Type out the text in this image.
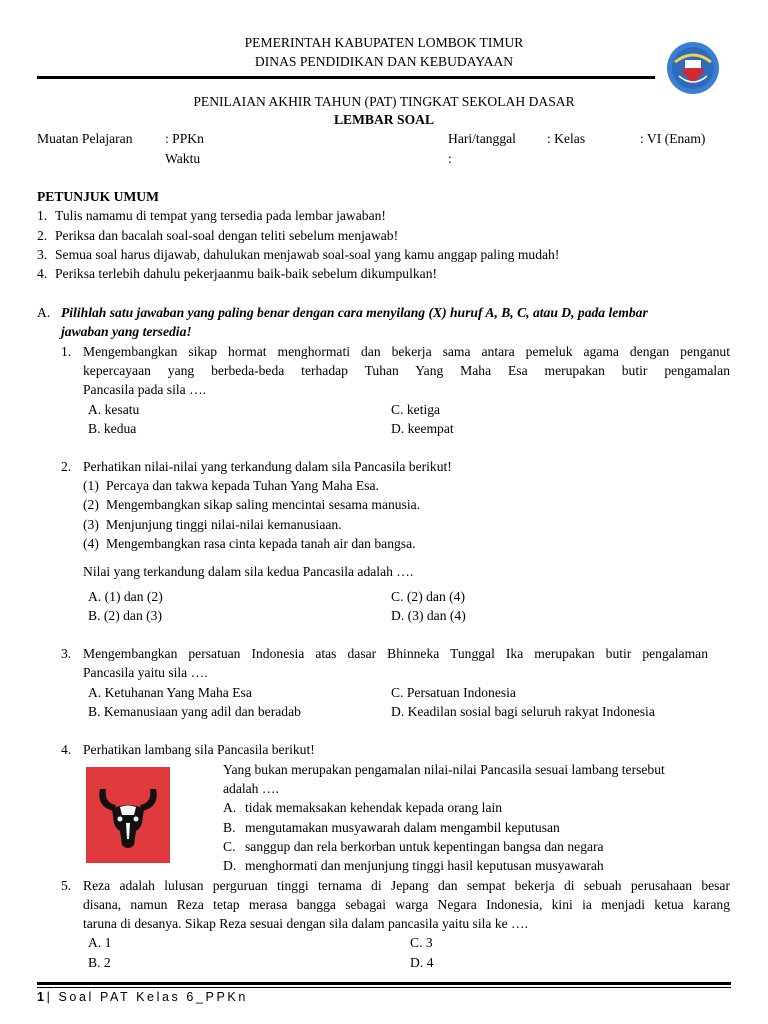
PEMERINTAH KABUPATEN LOMBOK TIMUR
DINAS PENDIDIKAN DAN KEBUDAYAAN
PENILAIAN AKHIR TAHUN (PAT) TINGKAT SEKOLAH DASAR
LEMBAR SOAL
Muatan Pelajaran : PPKn	Hari/tanggal : Kelas	: VI (Enam)
Waktu	:
PETUNJUK UMUM
1. Tulis namamu di tempat yang tersedia pada lembar jawaban!
2. Periksa dan bacalah soal-soal dengan teliti sebelum menjawab!
3. Semua soal harus dijawab, dahulukan menjawab soal-soal yang kamu anggap paling mudah!
4. Periksa terlebih dahulu pekerjaanmu baik-baik sebelum dikumpulkan!
A. Pilihlah satu jawaban yang paling benar dengan cara menyilang (X) huruf A, B, C, atau D, pada lembar
jawaban yang tersedia!
1. Mengembangkan sikap hormat menghormati dan bekerja sama antara pemeluk agama dengan penganut
kepercayaan yang berbeda-beda terhadap Tuhan Yang Maha Esa merupakan butir pengamalan
Pancasila pada sila ….
A. kesatu	C. ketiga
B. kedua	D. keempat
2. Perhatikan nilai-nilai yang terkandung dalam sila Pancasila berikut!
(1) Percaya dan takwa kepada Tuhan Yang Maha Esa.
(2) Mengembangkan sikap saling mencintai sesama manusia.
(3) Menjunjung tinggi nilai-nilai kemanusiaan.
(4) Mengembangkan rasa cinta kepada tanah air dan bangsa.
Nilai yang terkandung dalam sila kedua Pancasila adalah ….
A. (1) dan (2)	C. (2) dan (4)
B. (2) dan (3)	D. (3) dan (4)
3. Mengembangkan persatuan Indonesia atas dasar Bhinneka Tunggal Ika merupakan butir pengalaman
Pancasila yaitu sila ….
A. Ketuhanan Yang Maha Esa	C. Persatuan Indonesia
B. Kemanusiaan yang adil dan beradab	D. Keadilan sosial bagi seluruh rakyat Indonesia
4. Perhatikan lambang sila Pancasila berikut!
Yang bukan merupakan pengamalan nilai-nilai Pancasila sesuai lambang tersebut
adalah ….
A. tidak memaksakan kehendak kepada orang lain
B. mengutamakan musyawarah dalam mengambil keputusan
C. sanggup dan rela berkorban untuk kepentingan bangsa dan negara
D. menghormati dan menjunjung tinggi hasil keputusan musyawarah
5. Reza adalah lulusan perguruan tinggi ternama di Jepang dan sempat bekerja di sebuah perusahaan besar
disana, namun Reza tetap merasa bangga sebagai warga Negara Indonesia, kini ia menjadi ketua karang
taruna di desanya. Sikap Reza sesuai dengan sila dalam pancasila yaitu sila ke ….
A. 1	C. 3
B. 2	D. 4
1| Soal PAT Kelas 6_PPKn
